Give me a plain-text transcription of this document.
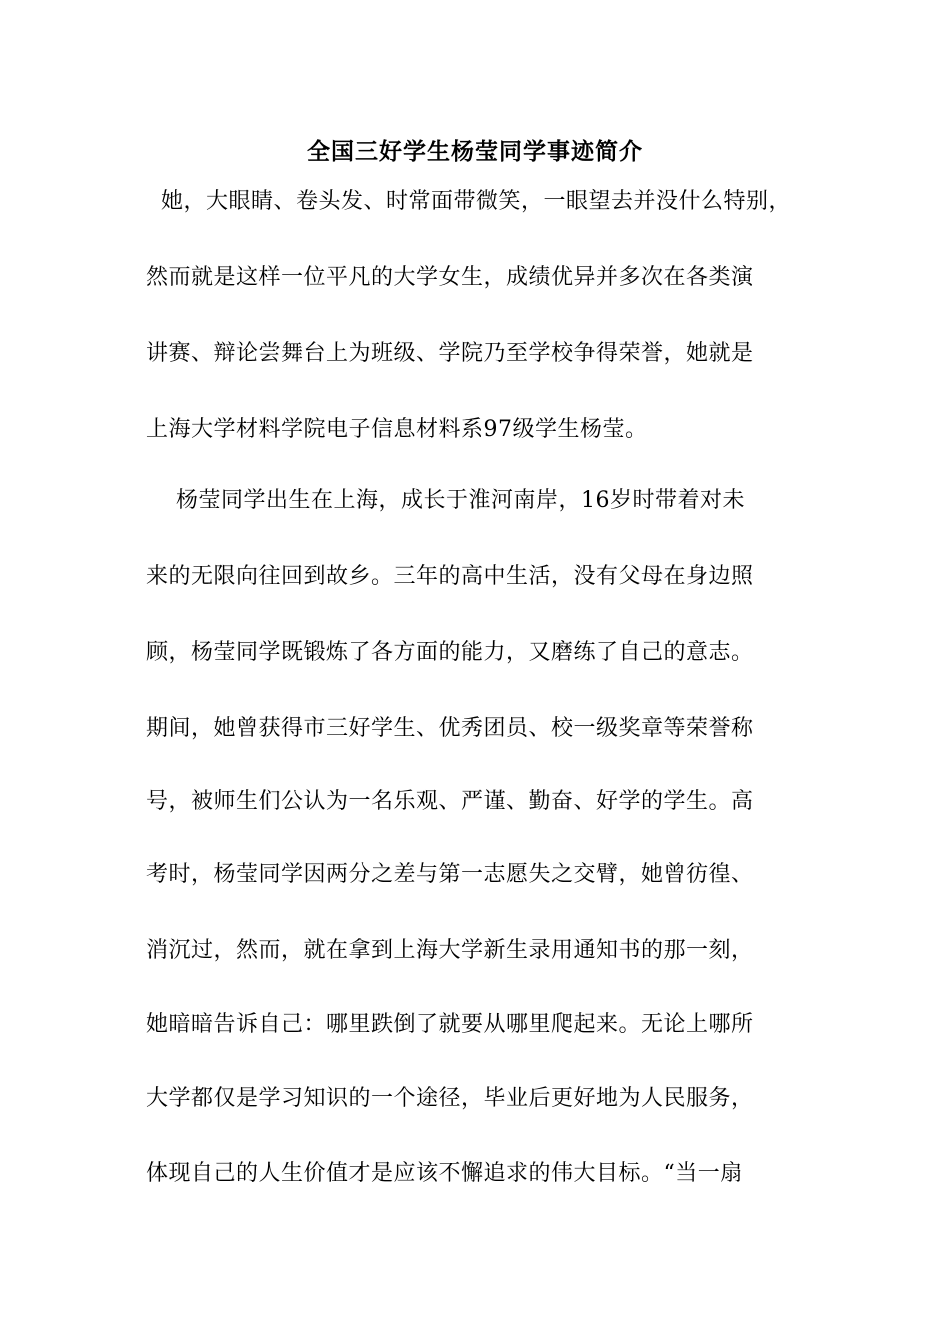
全国三好学生杨莹同学事迹简介
她，大眼睛、卷头发、时常面带微笑，一眼望去并没什么特别，
然而就是这样一位平凡的大学女生，成绩优异并多次在各类演
讲赛、辩论尝舞台上为班级、学院乃至学校争得荣誉，她就是
上海大学材料学院电子信息材料系97级学生杨莹。
杨莹同学出生在上海，成长于淮河南岸，16岁时带着对未
来的无限向往回到故乡。三年的高中生活，没有父母在身边照
顾，杨莹同学既锻炼了各方面的能力，又磨练了自己的意志。
期间，她曾获得市三好学生、优秀团员、校一级奖章等荣誉称
号，被师生们公认为一名乐观、严谨、勤奋、好学的学生。高
考时，杨莹同学因两分之差与第一志愿失之交臂，她曾彷徨、
消沉过，然而，就在拿到上海大学新生录用通知书的那一刻，
她暗暗告诉自己：哪里跌倒了就要从哪里爬起来。无论上哪所
大学都仅是学习知识的一个途径，毕业后更好地为人民服务，
体现自己的人生价值才是应该不懈追求的伟大目标。“当一扇
